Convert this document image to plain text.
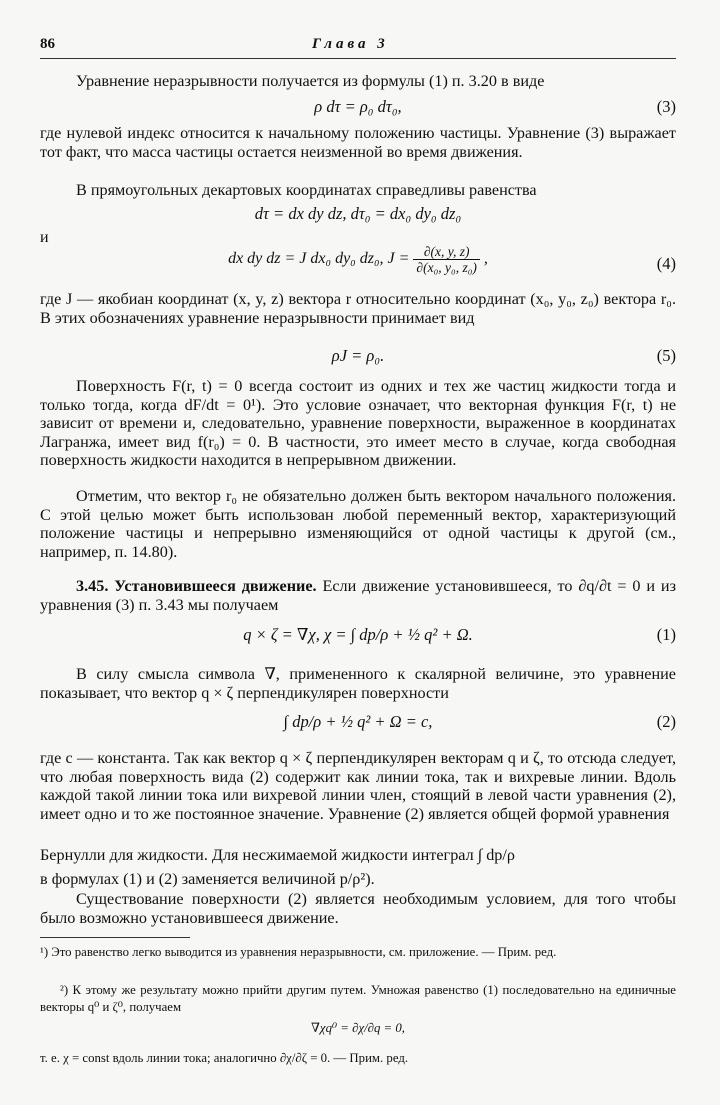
86	Глава 3
Уравнение неразрывности получается из формулы (1) п. 3.20 в виде
ρ dτ = ρ₀ dτ₀,	(3)
где нулевой индекс относится к начальному положению частицы. Уравнение (3) выражает тот факт, что масса частицы остается неизменной во время движения.
В прямоугольных декартовых координатах справедливы равенства
dτ = dx dy dz, dτ₀ = dx₀ dy₀ dz₀
и
dx dy dz = J dx₀ dy₀ dz₀, $J = \frac{\partial(x, y, z)}{\text{∂(x₀, y₀, z₀)}}$ ,	(4)
где J — якобиан координат (x, y, z) вектора r относительно координат (x₀, y₀, z₀) вектора r₀. В этих обозначениях уравнение неразрывности принимает вид
ρJ = ρ₀.	(5)
Поверхность F(r, t) = 0 всегда состоит из одних и тех же частиц жидкости тогда и только тогда, когда dF/dt = 0¹). Это условие означает, что векторная функция F(r, t) не зависит от времени и, следовательно, уравнение поверхности, выраженное в координатах Лагранжа, имеет вид f(r₀) = 0. В частности, это имеет место в случае, когда свободная поверхность жидкости находится в непрерывном движении.
Отметим, что вектор r₀ не обязательно должен быть вектором начального положения. С этой целью может быть использован любой переменный вектор, характеризующий положение частицы и непрерывно изменяющийся от одной частицы к другой (см., например, п. 14.80).
3.45. Установившееся движение. Если движение установившееся, то ∂q/∂t = 0 и из уравнения (3) п. 3.43 мы получаем
q × ζ = ∇χ, χ = ∫ dp/ρ + ½ q² + Ω.	(1)
В силу смысла символа ∇, примененного к скалярной величине, это уравнение показывает, что вектор q × ζ перпендикулярен поверхности
∫ dp/ρ + ½ q² + Ω = c,	(2)
где c — константа. Так как вектор q × ζ перпендикулярен векторам q и ζ, то отсюда следует, что любая поверхность вида (2) содержит как линии тока, так и вихревые линии. Вдоль каждой такой линии тока или вихревой линии член, стоящий в левой части уравнения (2), имеет одно и то же постоянное значение. Уравнение (2) является общей формой уравнения
Бернулли для жидкости. Для несжимаемой жидкости интеграл ∫ dp/ρ
в формулах (1) и (2) заменяется величиной p/ρ²).
Существование поверхности (2) является необходимым условием, для того чтобы было возможно установившееся движение.
¹) Это равенство легко выводится из уравнения неразрывности, см. приложение. — Прим. ред.
²) К этому же результату можно прийти другим путем. Умножая равенство (1) последовательно на единичные векторы q⁰ и ζ⁰, получаем
∇χq⁰ = ∂χ/∂q = 0,
т. е. χ = const вдоль линии тока; аналогично ∂χ/∂ζ = 0. — Прим. ред.
